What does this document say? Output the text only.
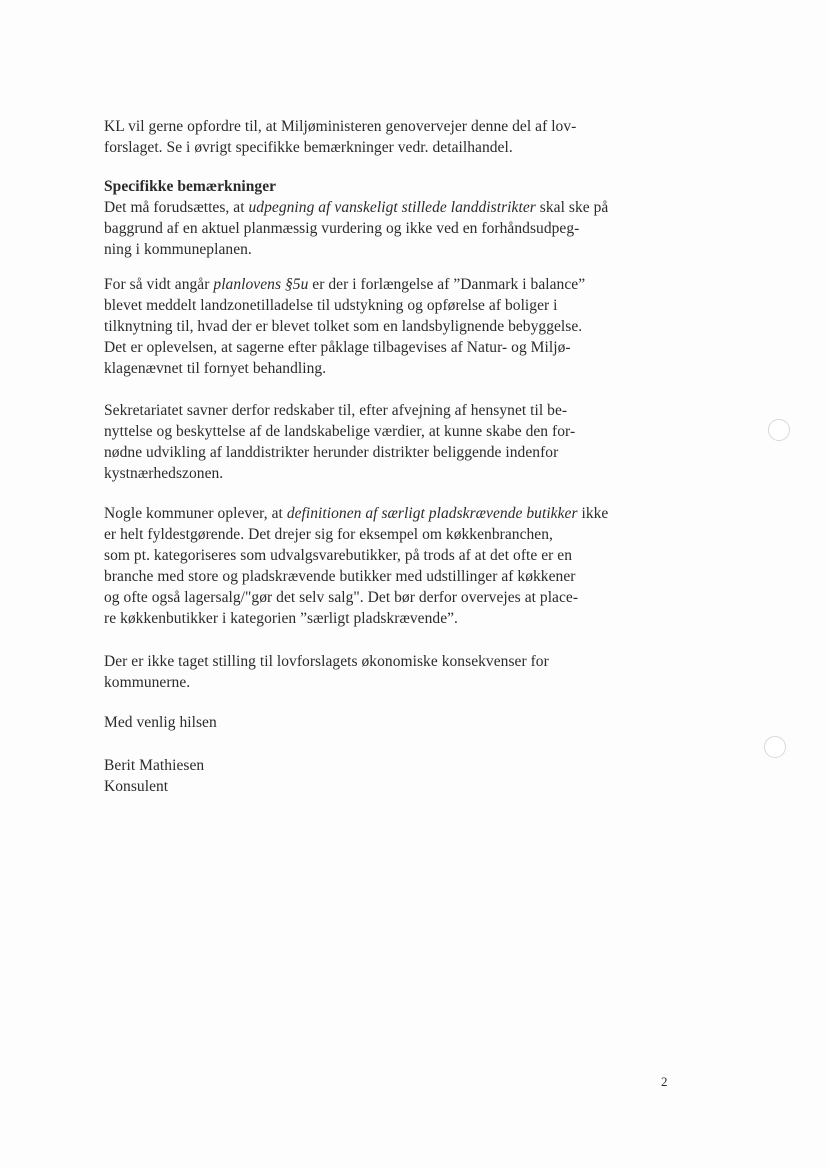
KL vil gerne opfordre til, at Miljøministeren genovervejer denne del af lov-
forslaget. Se i øvrigt specifikke bemærkninger vedr. detailhandel.
Specifikke bemærkninger
Det må forudsættes, at udpegning af vanskeligt stillede landdistrikter skal ske på
baggrund af en aktuel planmæssig vurdering og ikke ved en forhåndsudpeg-
ning i kommuneplanen.
For så vidt angår planlovens §5u er der i forlængelse af ”Danmark i balance”
blevet meddelt landzonetilladelse til udstykning og opførelse af boliger i
tilknytning til, hvad der er blevet tolket som en landsbylignende bebyggelse.
Det er oplevelsen, at sagerne efter påklage tilbagevises af Natur- og Miljø-
klagenævnet til fornyet behandling.
Sekretariatet savner derfor redskaber til, efter afvejning af hensynet til be-
nyttelse og beskyttelse af de landskabelige værdier, at kunne skabe den for-
nødne udvikling af landdistrikter herunder distrikter beliggende indenfor
kystnærhedszonen.
Nogle kommuner oplever, at definitionen af særligt pladskrævende butikker ikke
er helt fyldestgørende. Det drejer sig for eksempel om køkkenbranchen,
som pt. kategoriseres som udvalgsvarebutikker, på trods af at det ofte er en
branche med store og pladskrævende butikker med udstillinger af køkkener
og ofte også lagersalg/"gør det selv salg". Det bør derfor overvejes at place-
re køkkenbutikker i kategorien ”særligt pladskrævende”.
Der er ikke taget stilling til lovforslagets økonomiske konsekvenser for
kommunerne.
Med venlig hilsen
Berit Mathiesen
Konsulent
2
